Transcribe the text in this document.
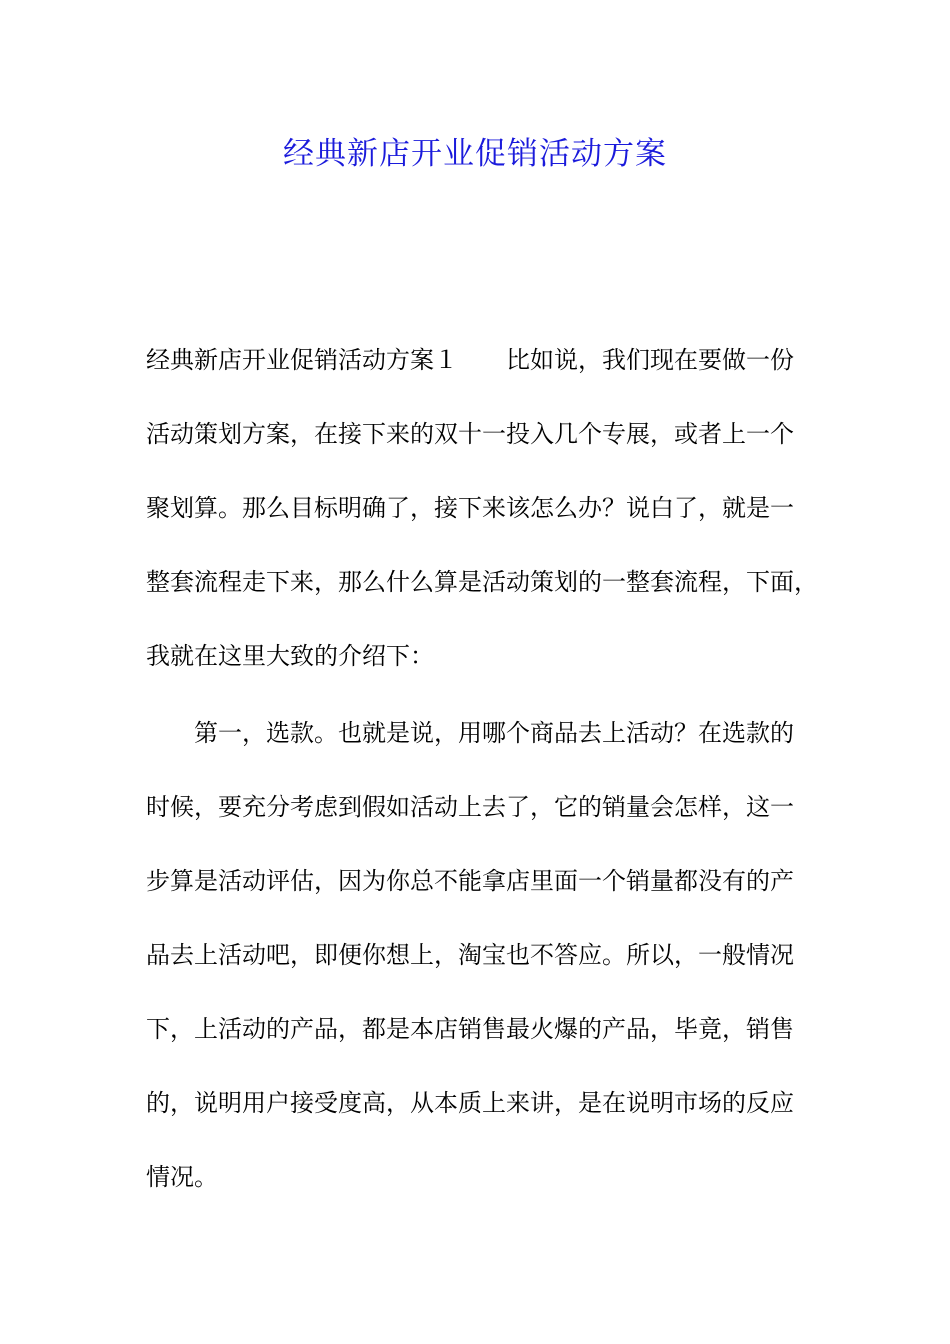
经典新店开业促销活动方案
经典新店开业促销活动方案１　　比如说，我们现在要做一份
活动策划方案，在接下来的双十一投入几个专展，或者上一个
聚划算。那么目标明确了，接下来该怎么办？说白了，就是一
整套流程走下来，那么什么算是活动策划的一整套流程，下面，
我就在这里大致的介绍下：
第一，选款。也就是说，用哪个商品去上活动？在选款的
时候，要充分考虑到假如活动上去了，它的销量会怎样，这一
步算是活动评估，因为你总不能拿店里面一个销量都没有的产
品去上活动吧，即便你想上，淘宝也不答应。所以，一般情况
下，上活动的产品，都是本店销售最火爆的产品，毕竟，销售
的，说明用户接受度高，从本质上来讲，是在说明市场的反应
情况。
